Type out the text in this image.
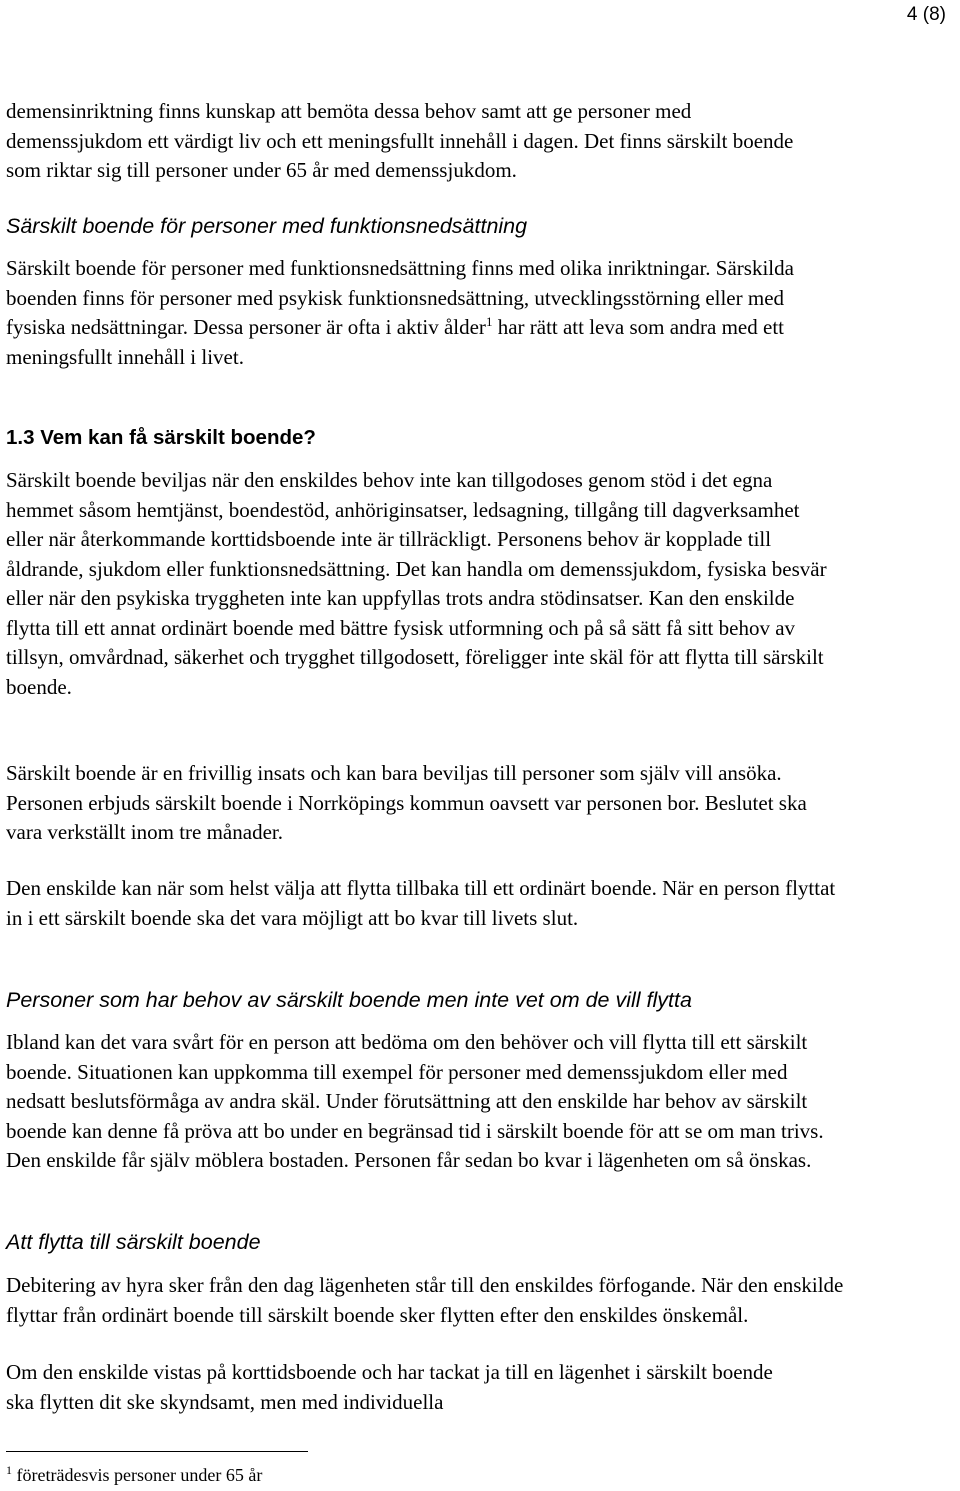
4 (8)

demensinriktning finns kunskap att bemöta dessa behov samt att ge personer med demenssjukdom ett värdigt liv och ett meningsfullt innehåll i dagen. Det finns särskilt boende som riktar sig till personer under 65 år med demenssjukdom.

Särskilt boende för personer med funktionsnedsättning

Särskilt boende för personer med funktionsnedsättning finns med olika inriktningar. Särskilda boenden finns för personer med psykisk funktionsnedsättning, utvecklingsstörning eller med fysiska nedsättningar. Dessa personer är ofta i aktiv ålder$^1$ har rätt att leva som andra med ett meningsfullt innehåll i livet.

1.3 Vem kan få särskilt boende?

Särskilt boende beviljas när den enskildes behov inte kan tillgodoses genom stöd i det egna hemmet såsom hemtjänst, boendestöd, anhöriginsatser, ledsagning, tillgång till dagverksamhet eller när återkommande korttidsboende inte är tillräckligt. Personens behov är kopplade till åldrande, sjukdom eller funktionsnedsättning. Det kan handla om demenssjukdom, fysiska besvär eller när den psykiska tryggheten inte kan uppfyllas trots andra stödinsatser. Kan den enskilde flytta till ett annat ordinärt boende med bättre fysisk utformning och på så sätt få sitt behov av tillsyn, omvårdnad, säkerhet och trygghet tillgodosett, föreligger inte skäl för att flytta till särskilt boende.

Särskilt boende är en frivillig insats och kan bara beviljas till personer som själv vill ansöka. Personen erbjuds särskilt boende i Norrköpings kommun oavsett var personen bor. Beslutet ska vara verkställt inom tre månader.

Den enskilde kan när som helst välja att flytta tillbaka till ett ordinärt boende. När en person flyttat in i ett särskilt boende ska det vara möjligt att bo kvar till livets slut.

Personer som har behov av särskilt boende men inte vet om de vill flytta

Ibland kan det vara svårt för en person att bedöma om den behöver och vill flytta till ett särskilt boende. Situationen kan uppkomma till exempel för personer med demenssjukdom eller med nedsatt beslutsförmåga av andra skäl. Under förutsättning att den enskilde har behov av särskilt boende kan denne få pröva att bo under en begränsad tid i särskilt boende för att se om man trivs. Den enskilde får själv möblera bostaden. Personen får sedan bo kvar i lägenheten om så önskas.

Att flytta till särskilt boende

Debitering av hyra sker från den dag lägenheten står till den enskildes förfogande. När den enskilde flyttar från ordinärt boende till särskilt boende sker flytten efter den enskildes önskemål.

Om den enskilde vistas på korttidsboende och har tackat ja till en lägenhet i särskilt boende ska flytten dit ske skyndsamt, men med individuella

$^1$ företrädesvis personer under 65 år
